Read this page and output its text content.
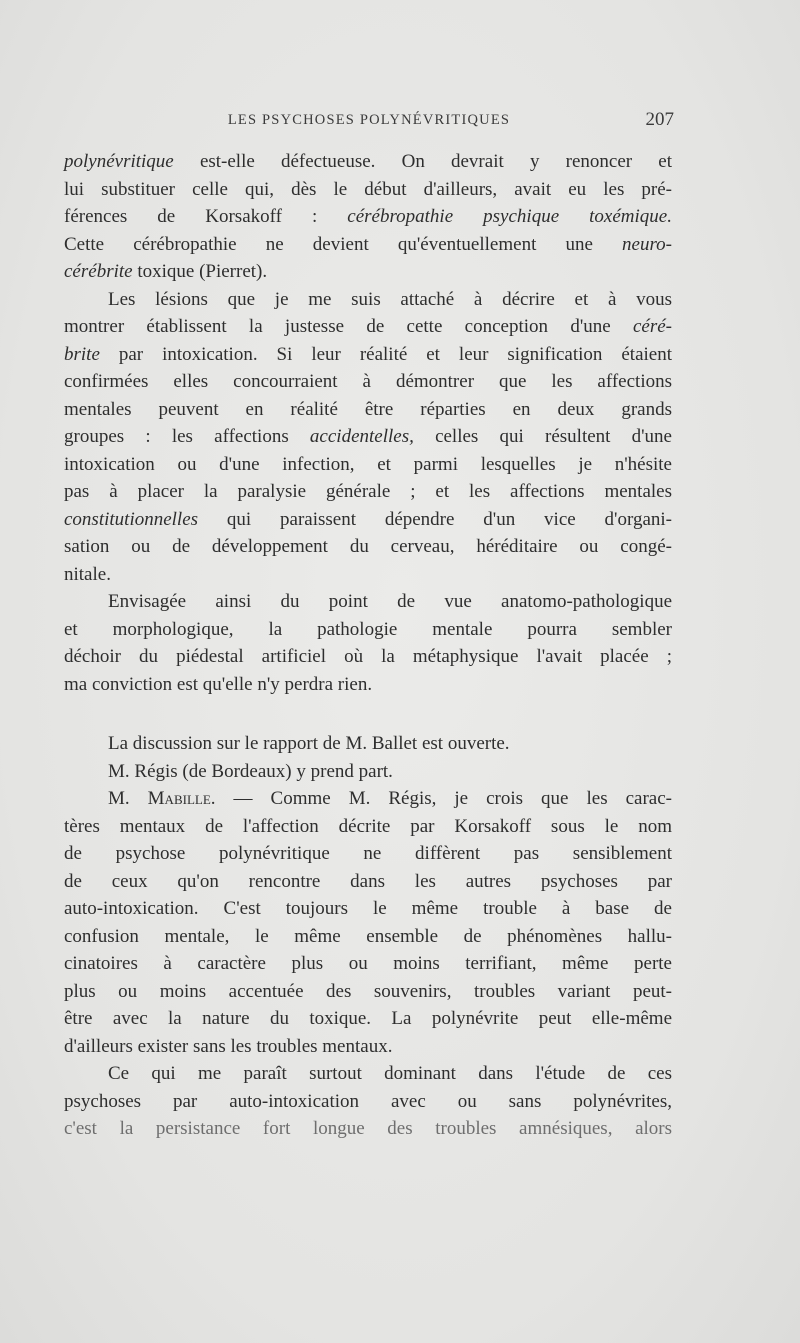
LES PSYCHOSES POLYNÉVRITIQUES	207
polynévritique est-elle défectueuse. On devrait y renoncer et
lui substituer celle qui, dès le début d'ailleurs, avait eu les pré-
férences de Korsakoff : cérébropathie psychique toxémique.
Cette cérébropathie ne devient qu'éventuellement une neuro-
cérébrite toxique (Pierret).
Les lésions que je me suis attaché à décrire et à vous
montrer établissent la justesse de cette conception d'une céré-
brite par intoxication. Si leur réalité et leur signification étaient
confirmées elles concourraient à démontrer que les affections
mentales peuvent en réalité être réparties en deux grands
groupes : les affections accidentelles, celles qui résultent d'une
intoxication ou d'une infection, et parmi lesquelles je n'hésite
pas à placer la paralysie générale ; et les affections mentales
constitutionnelles qui paraissent dépendre d'un vice d'organi-
sation ou de développement du cerveau, héréditaire ou congé-
nitale.
Envisagée ainsi du point de vue anatomo-pathologique
et morphologique, la pathologie mentale pourra sembler
déchoir du piédestal artificiel où la métaphysique l'avait placée ;
ma conviction est qu'elle n'y perdra rien.
La discussion sur le rapport de M. Ballet est ouverte.
M. Régis (de Bordeaux) y prend part.
M. Mabille. — Comme M. Régis, je crois que les carac-
tères mentaux de l'affection décrite par Korsakoff sous le nom
de psychose polynévritique ne diffèrent pas sensiblement
de ceux qu'on rencontre dans les autres psychoses par
auto-intoxication. C'est toujours le même trouble à base de
confusion mentale, le même ensemble de phénomènes hallu-
cinatoires à caractère plus ou moins terrifiant, même perte
plus ou moins accentuée des souvenirs, troubles variant peut-
être avec la nature du toxique. La polynévrite peut elle-même
d'ailleurs exister sans les troubles mentaux.
Ce qui me paraît surtout dominant dans l'étude de ces
psychoses par auto-intoxication avec ou sans polynévrites,
c'est la persistance fort longue des troubles amnésiques, alors
